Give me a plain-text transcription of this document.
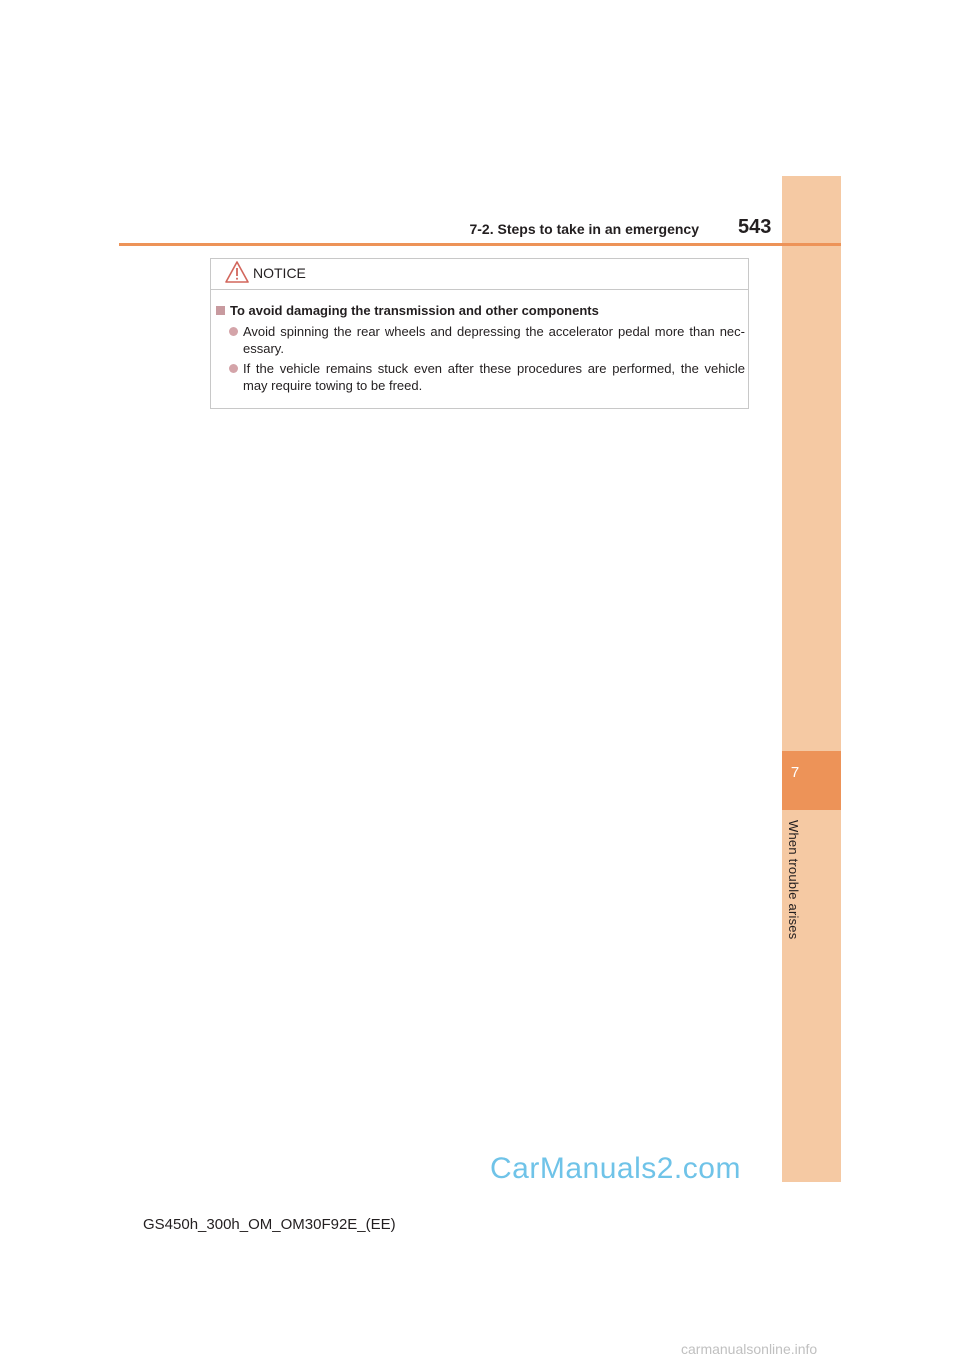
7
When trouble arises
7-2. Steps to take in an emergency 543
NOTICE
To avoid damaging the transmission and other components
Avoid spinning the rear wheels and depressing the accelerator pedal more than nec-essary.
If the vehicle remains stuck even after these procedures are performed, the vehicle may require towing to be freed.
CarManuals2.com
GS450h_300h_OM_OM30F92E_(EE)
carmanualsonline.info
